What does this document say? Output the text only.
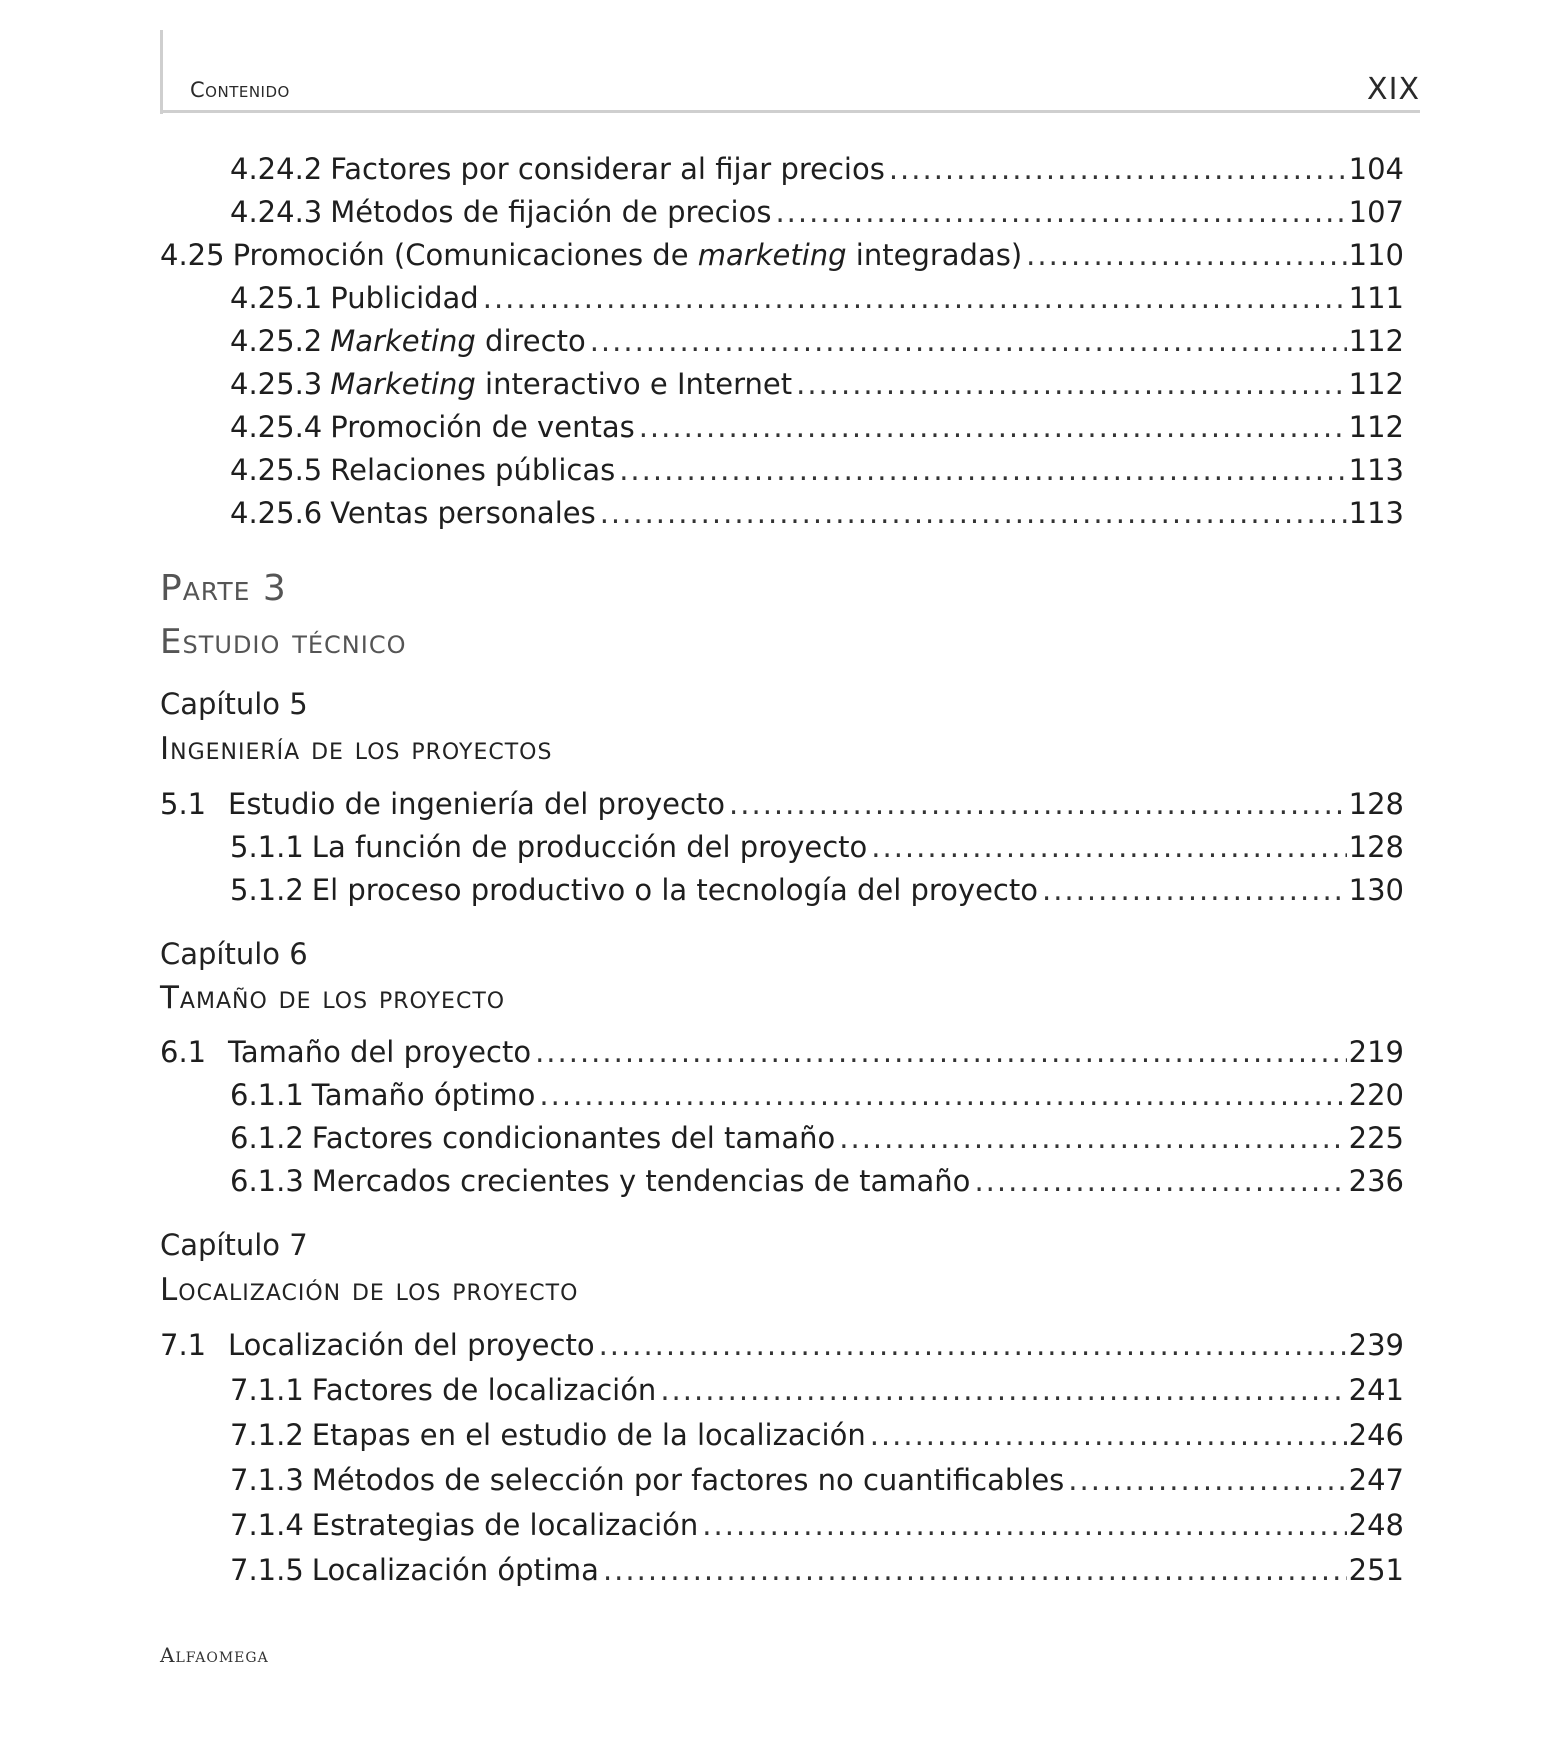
Contenido	XIX
4.24.2 Factores por considerar al fijar precios .....	104
4.24.3 Métodos de fijación de precios .....	107
4.25 Promoción (Comunicaciones de marketing integradas) .....	110
4.25.1 Publicidad .....	111
4.25.2 Marketing directo .....	112
4.25.3 Marketing interactivo e Internet .....	112
4.25.4 Promoción de ventas .....	112
4.25.5 Relaciones públicas .....	113
4.25.6 Ventas personales .....	113
Parte 3
Estudio técnico
Capítulo 5
Ingeniería de los proyectos
5.1 Estudio de ingeniería del proyecto .....	128
5.1.1 La función de producción del proyecto .....	128
5.1.2 El proceso productivo o la tecnología del proyecto .....	130
Capítulo 6
Tamaño de los proyecto
6.1 Tamaño del proyecto .....	219
6.1.1 Tamaño óptimo .....	220
6.1.2 Factores condicionantes del tamaño .....	225
6.1.3 Mercados crecientes y tendencias de tamaño .....	236
Capítulo 7
Localización de los proyecto
7.1 Localización del proyecto .....	239
7.1.1 Factores de localización .....	241
7.1.2 Etapas en el estudio de la localización .....	246
7.1.3 Métodos de selección por factores no cuantificables .....	247
7.1.4 Estrategias de localización .....	248
7.1.5 Localización óptima .....	251
Alfaomega
